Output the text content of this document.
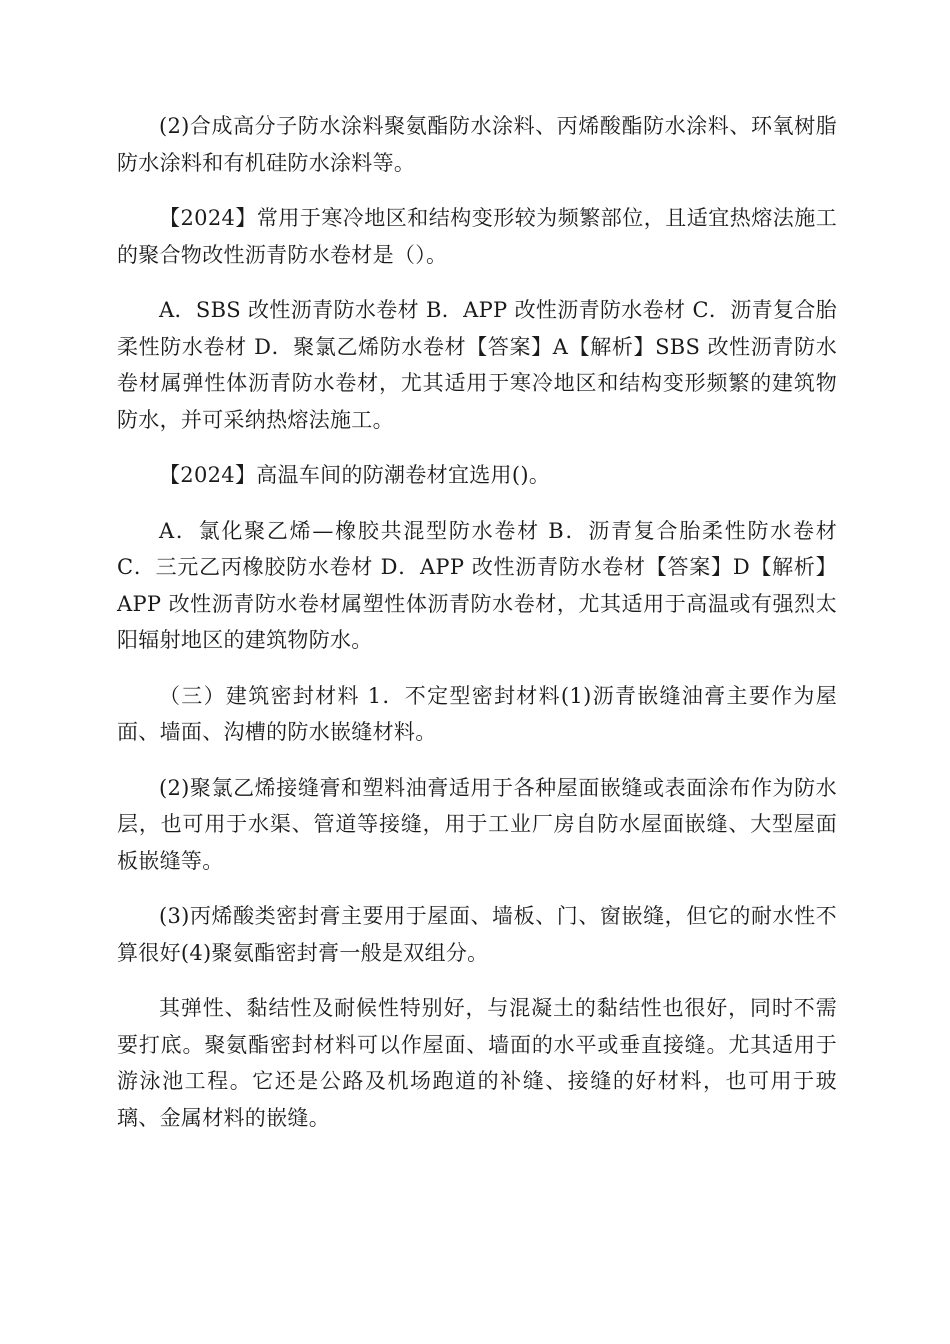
(2)合成高分子防水涂料聚氨酯防水涂料、丙烯酸酯防水涂料、环氧树脂防水涂料和有机硅防水涂料等。

【2024】常用于寒冷地区和结构变形较为频繁部位，且适宜热熔法施工的聚合物改性沥青防水卷材是（）。

A．SBS 改性沥青防水卷材 B．APP 改性沥青防水卷材 C．沥青复合胎柔性防水卷材 D．聚氯乙烯防水卷材【答案】A【解析】SBS 改性沥青防水卷材属弹性体沥青防水卷材，尤其适用于寒冷地区和结构变形频繁的建筑物防水，并可采纳热熔法施工。

【2024】高温车间的防潮卷材宜选用()。

A．氯化聚乙烯—橡胶共混型防水卷材 B．沥青复合胎柔性防水卷材 C．三元乙丙橡胶防水卷材 D．APP 改性沥青防水卷材【答案】D【解析】APP 改性沥青防水卷材属塑性体沥青防水卷材，尤其适用于高温或有强烈太阳辐射地区的建筑物防水。

（三）建筑密封材料 1．不定型密封材料(1)沥青嵌缝油膏主要作为屋面、墙面、沟槽的防水嵌缝材料。

(2)聚氯乙烯接缝膏和塑料油膏适用于各种屋面嵌缝或表面涂布作为防水层，也可用于水渠、管道等接缝，用于工业厂房自防水屋面嵌缝、大型屋面板嵌缝等。

(3)丙烯酸类密封膏主要用于屋面、墙板、门、窗嵌缝，但它的耐水性不算很好(4)聚氨酯密封膏一般是双组分。

其弹性、黏结性及耐候性特别好，与混凝土的黏结性也很好，同时不需要打底。聚氨酯密封材料可以作屋面、墙面的水平或垂直接缝。尤其适用于游泳池工程。它还是公路及机场跑道的补缝、接缝的好材料，也可用于玻璃、金属材料的嵌缝。
